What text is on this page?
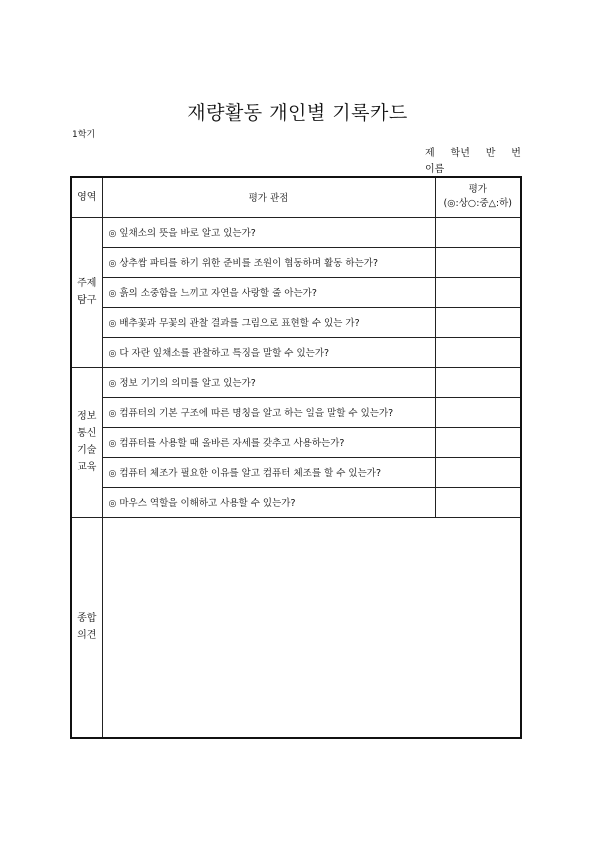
재량활동 개인별 기록카드
1학기
제 학년 반 번
이름
영역	평가 관점	평가
(◎:상○:중△:하)

주제
탐구	◎ 잎채소의 뜻을 바로 알고 있는가?	
	◎ 상추쌈 파티를 하기 위한 준비를 조원이 협동하며 활동 하는가?	
	◎ 흙의 소중함을 느끼고 자연을 사랑할 줄 아는가?	
	◎ 배추꽃과 무꽃의 관찰 결과를 그림으로 표현할 수 있는 가?	
	◎ 다 자란 잎채소를 관찰하고 특징을 말할 수 있는가?	

정보
통신
기술
교육	◎ 정보 기기의 의미를 알고 있는가?	
	◎ 컴퓨터의 기본 구조에 따른 명칭을 알고 하는 일을 말할 수 있는가?	
	◎ 컴퓨터를 사용할 때 올바른 자세를 갖추고 사용하는가?	
	◎ 컴퓨터 체조가 필요한 이유를 알고 컴퓨터 체조를 할 수 있는가?	
	◎ 마우스 역할을 이해하고 사용할 수 있는가?	

종합
의견		
